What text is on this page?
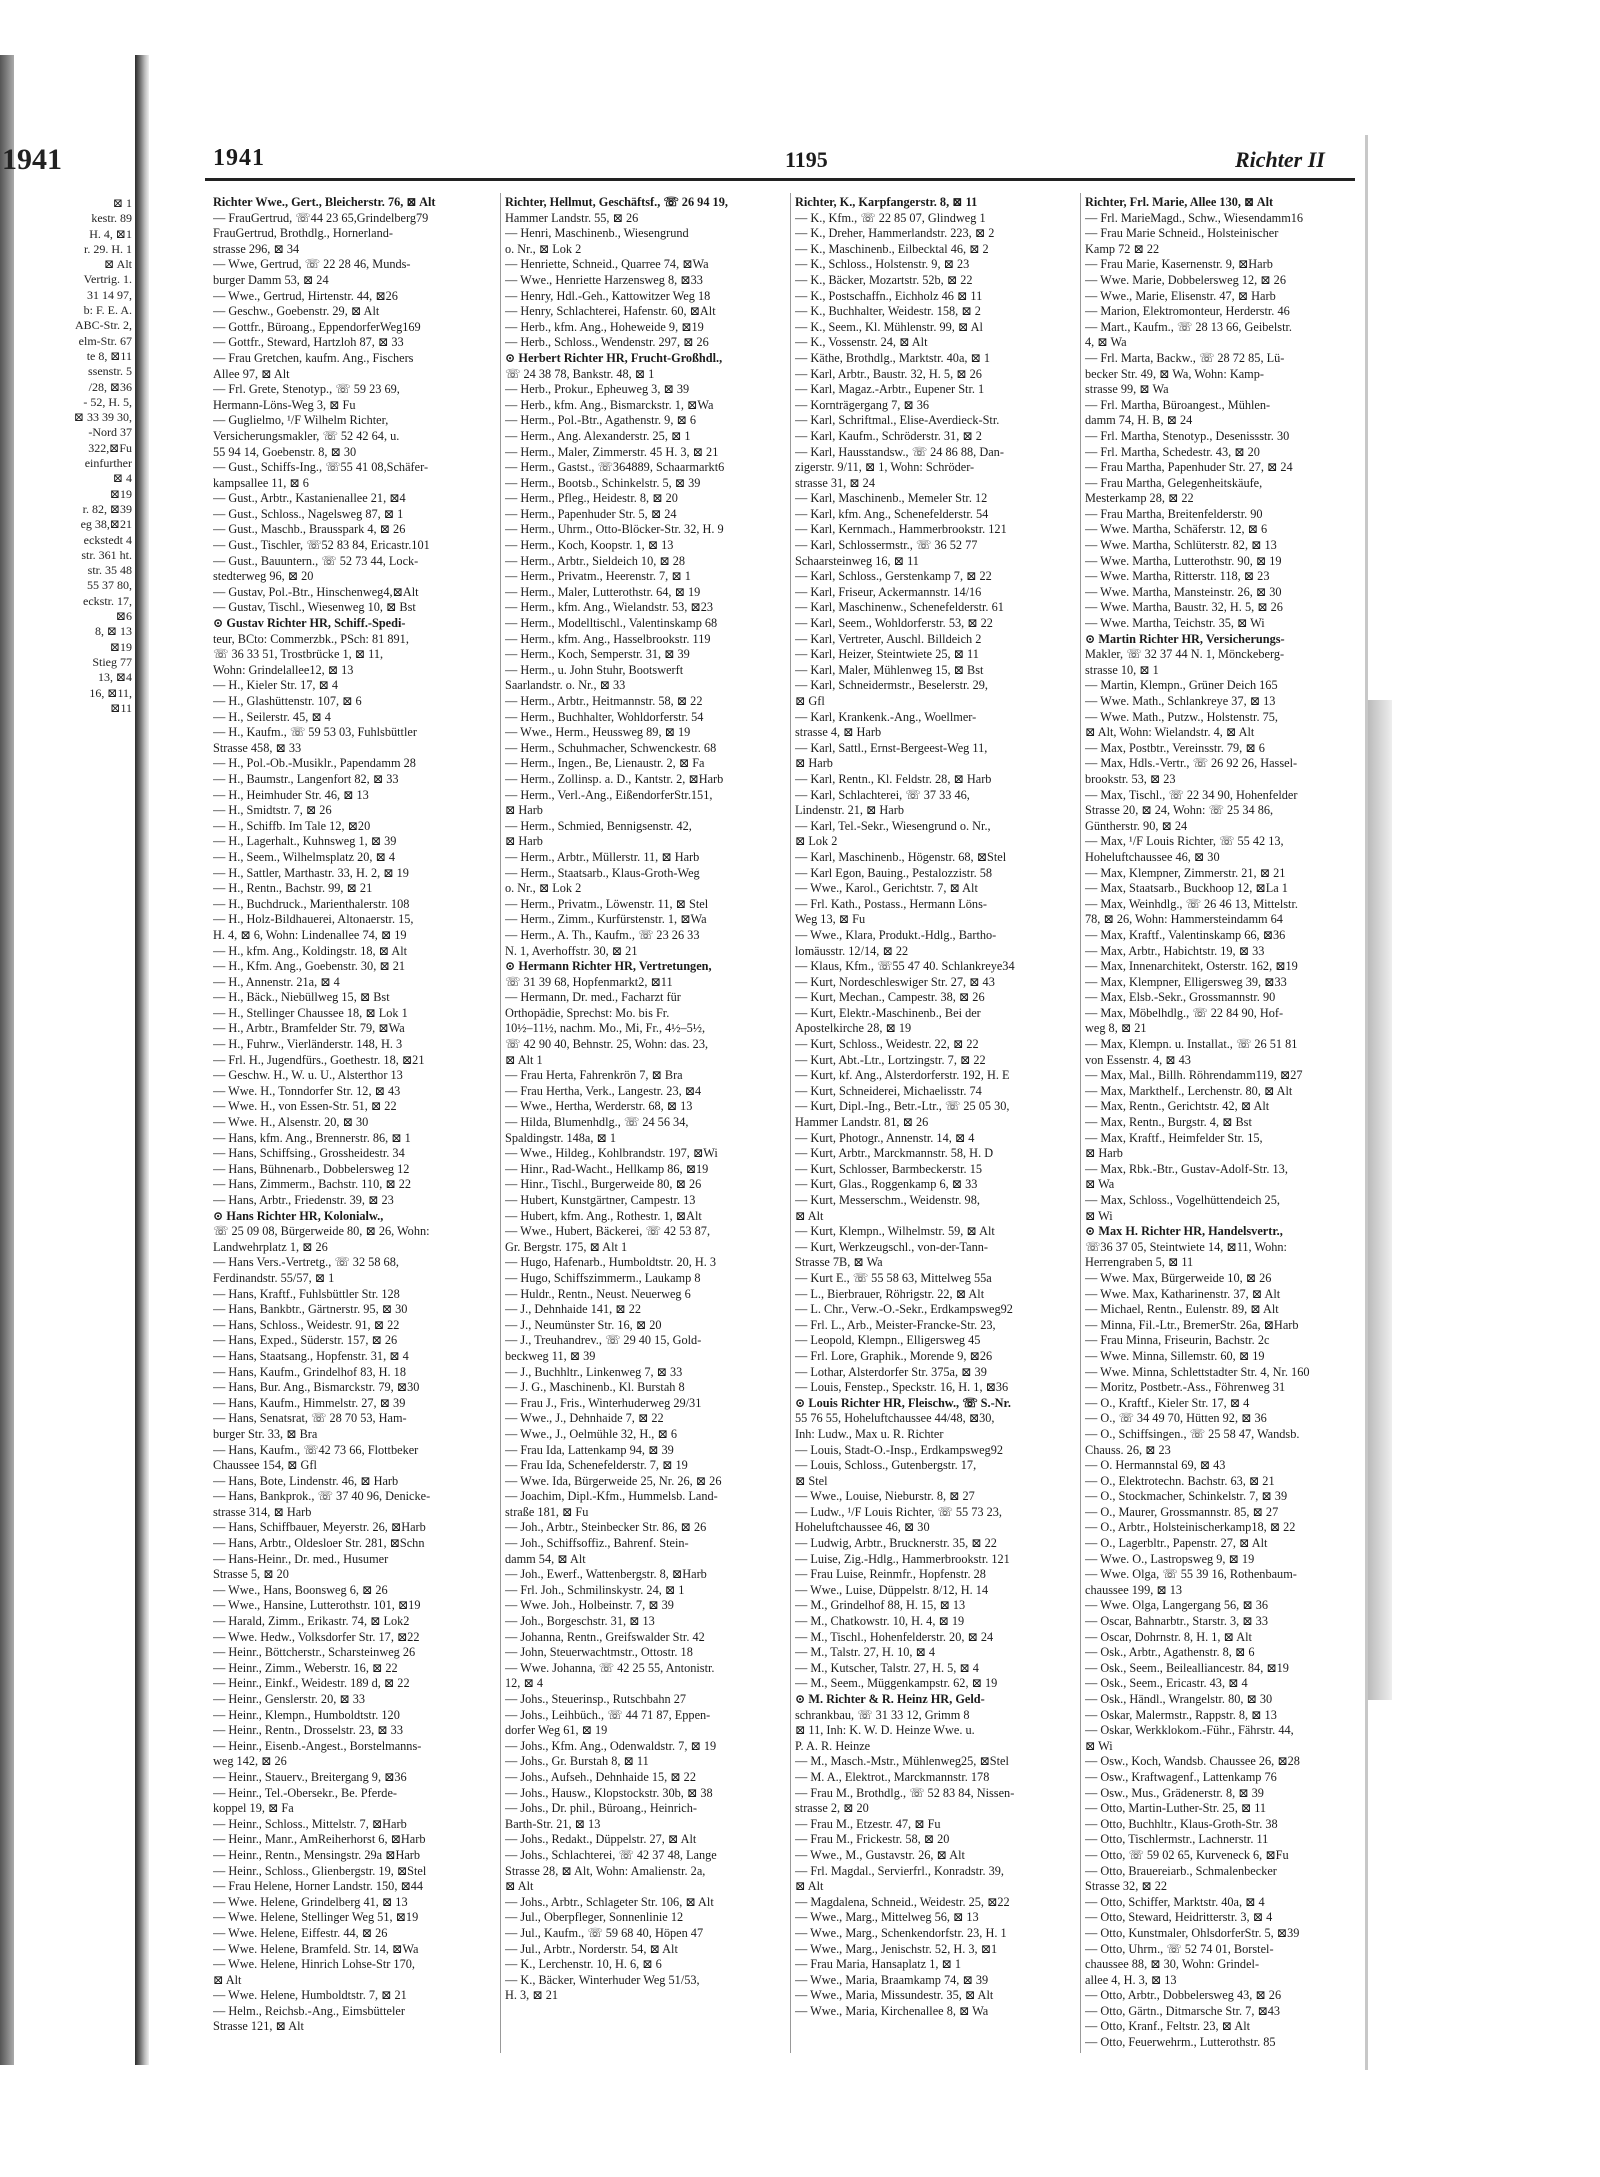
1941
⊠ 1
kestr. 89
H. 4, ⊠1
r. 29. H. 1
⊠ Alt
Vertrig. 1.
31 14 97,
b: F. E. A.
ABC-Str. 2,
elm-Str. 67
te 8, ⊠11
ssenstr. 5
/28, ⊠36
- 52, H. 5,
⊠ 33 39 30,
-Nord 37
322,⊠Fu
einfurther
⊠ 4
⊠19
r. 82, ⊠39
eg 38,⊠21
eckstedt 4
str. 361 ht.
str. 35 48
55 37 80,
eckstr. 17,
⊠6
8, ⊠ 13
⊠19
Stieg 77
13, ⊠4
16, ⊠11,
⊠11
1941	1195	Richter II
Richter Wwe., Gert., Bleicherstr. 76, ⊠ Alt
— FrauGertrud, ☏44 23 65,Grindelberg79
FrauGertrud, Brothdlg., Hornerland-
strasse 296, ⊠ 34
— Wwe, Gertrud, ☏ 22 28 46, Munds-
burger Damm 53, ⊠ 24
— Wwe., Gertrud, Hirtenstr. 44, ⊠26
— Geschw., Goebenstr. 29, ⊠ Alt
— Gottfr., Büroang., EppendorferWeg169
— Gottfr., Steward, Hartzloh 87, ⊠ 33
— Frau Gretchen, kaufm. Ang., Fischers
Allee 97, ⊠ Alt
— Frl. Grete, Stenotyp., ☏ 59 23 69,
Hermann-Löns-Weg 3, ⊠ Fu
— Guglielmo, ¹/F Wilhelm Richter,
Versicherungsmakler, ☏ 52 42 64, u.
55 94 14, Goebenstr. 8, ⊠ 30
— Gust., Schiffs-Ing., ☏55 41 08,Schäfer-
kampsallee 11, ⊠ 6
— Gust., Arbtr., Kastanienallee 21, ⊠4
— Gust., Schloss., Nagelsweg 87, ⊠ 1
— Gust., Maschb., Brausspark 4, ⊠ 26
— Gust., Tischler, ☏52 83 84, Ericastr.101
— Gust., Bauuntern., ☏ 52 73 44, Lock-
stedterweg 96, ⊠ 20
— Gustav, Pol.-Btr., Hinschenweg4,⊠Alt
— Gustav, Tischl., Wiesenweg 10, ⊠ Bst
⊙ Gustav Richter HR, Schiff.-Spedi-
teur, BCto: Commerzbk., PSch: 81 891,
☏ 36 33 51, Trostbrücke 1, ⊠ 11,
Wohn: Grindelallee12, ⊠ 13
— H., Kieler Str. 17, ⊠ 4
— H., Glashüttenstr. 107, ⊠ 6
— H., Seilerstr. 45, ⊠ 4
— H., Kaufm., ☏ 59 53 03, Fuhlsbüttler
Strasse 458, ⊠ 33
— H., Pol.-Ob.-Musiklr., Papendamm 28
— H., Baumstr., Langenfort 82, ⊠ 33
— H., Heimhuder Str. 46, ⊠ 13
— H., Smidtstr. 7, ⊠ 26
— H., Schiffb. Im Tale 12, ⊠20
— H., Lagerhalt., Kuhnsweg 1, ⊠ 39
— H., Seem., Wilhelmsplatz 20, ⊠ 4
— H., Sattler, Marthastr. 33, H. 2, ⊠ 19
— H., Rentn., Bachstr. 99, ⊠ 21
— H., Buchdruck., Marienthalerstr. 108
— H., Holz-Bildhauerei, Altonaerstr. 15,
H. 4, ⊠ 6, Wohn: Lindenallee 74, ⊠ 19
— H., kfm. Ang., Koldingstr. 18, ⊠ Alt
— H., Kfm. Ang., Goebenstr. 30, ⊠ 21
— H., Annenstr. 21a, ⊠ 4
— H., Bäck., Niebüllweg 15, ⊠ Bst
— H., Stellinger Chaussee 18, ⊠ Lok 1
— H., Arbtr., Bramfelder Str. 79, ⊠Wa
— H., Fuhrw., Vierländerstr. 148, H. 3
— Frl. H., Jugendfürs., Goethestr. 18, ⊠21
— Geschw. H., W. u. U., Alsterthor 13
— Wwe. H., Tonndorfer Str. 12, ⊠ 43
— Wwe. H., von Essen-Str. 51, ⊠ 22
— Wwe. H., Alsenstr. 20, ⊠ 30
— Hans, kfm. Ang., Brennerstr. 86, ⊠ 1
— Hans, Schiffsing., Grossheidestr. 34
— Hans, Bühnenarb., Dobbelersweg 12
— Hans, Zimmerm., Bachstr. 110, ⊠ 22
— Hans, Arbtr., Friedenstr. 39, ⊠ 23
⊙ Hans Richter HR, Kolonialw.,
☏ 25 09 08, Bürgerweide 80, ⊠ 26, Wohn:
Landwehrplatz 1, ⊠ 26
— Hans Vers.-Vertretg., ☏ 32 58 68,
Ferdinandstr. 55/57, ⊠ 1
— Hans, Kraftf., Fuhlsbüttler Str. 128
— Hans, Bankbtr., Gärtnerstr. 95, ⊠ 30
— Hans, Schloss., Weidestr. 91, ⊠ 22
— Hans, Exped., Süderstr. 157, ⊠ 26
— Hans, Staatsang., Hopfenstr. 31, ⊠ 4
— Hans, Kaufm., Grindelhof 83, H. 18
— Hans, Bur. Ang., Bismarckstr. 79, ⊠30
— Hans, Kaufm., Himmelstr. 27, ⊠ 39
— Hans, Senatsrat, ☏ 28 70 53, Ham-
burger Str. 33, ⊠ Bra
— Hans, Kaufm., ☏42 73 66, Flottbeker
Chaussee 154, ⊠ Gfl
— Hans, Bote, Lindenstr. 46, ⊠ Harb
— Hans, Bankprok., ☏ 37 40 96, Denicke-
strasse 314, ⊠ Harb
— Hans, Schiffbauer, Meyerstr. 26, ⊠Harb
— Hans, Arbtr., Oldesloer Str. 281, ⊠Schn
— Hans-Heinr., Dr. med., Husumer
Strasse 5, ⊠ 20
— Wwe., Hans, Boonsweg 6, ⊠ 26
— Wwe., Hansine, Lutterothstr. 101, ⊠19
— Harald, Zimm., Erikastr. 74, ⊠ Lok2
— Wwe. Hedw., Volksdorfer Str. 17, ⊠22
— Heinr., Böttcherstr., Scharsteinweg 26
— Heinr., Zimm., Weberstr. 16, ⊠ 22
— Heinr., Einkf., Weidestr. 189 d, ⊠ 22
— Heinr., Genslerstr. 20, ⊠ 33
— Heinr., Klempn., Humboldtstr. 120
— Heinr., Rentn., Drosselstr. 23, ⊠ 33
— Heinr., Eisenb.-Angest., Borstelmanns-
weg 142, ⊠ 26
— Heinr., Stauerv., Breitergang 9, ⊠36
— Heinr., Tel.-Obersekr., Be. Pferde-
koppel 19, ⊠ Fa
— Heinr., Schloss., Mittelstr. 7, ⊠Harb
— Heinr., Manr., AmReiherhorst 6, ⊠Harb
— Heinr., Rentn., Mensingstr. 29a ⊠Harb
— Heinr., Schloss., Glienbergstr. 19, ⊠Stel
— Frau Helene, Horner Landstr. 150, ⊠44
— Wwe. Helene, Grindelberg 41, ⊠ 13
— Wwe. Helene, Stellinger Weg 51, ⊠19
— Wwe. Helene, Eiffestr. 44, ⊠ 26
— Wwe. Helene, Bramfeld. Str. 14, ⊠Wa
— Wwe. Helene, Hinrich Lohse-Str 170,
⊠ Alt
— Wwe. Helene, Humboldtstr. 7, ⊠ 21
— Helm., Reichsb.-Ang., Eimsbütteler
Strasse 121, ⊠ Alt
Richter, Hellmut, Geschäftsf., ☏ 26 94 19,
Hammer Landstr. 55, ⊠ 26
— Henri, Maschinenb., Wiesengrund
o. Nr., ⊠ Lok 2
— Henriette, Schneid., Quarree 74, ⊠Wa
— Wwe., Henriette Harzensweg 8, ⊠33
— Henry, Hdl.-Geh., Kattowitzer Weg 18
— Henry, Schlachterei, Hafenstr. 60, ⊠Alt
— Herb., kfm. Ang., Hoheweide 9, ⊠19
— Herb., Schloss., Wendenstr. 297, ⊠ 26
⊙ Herbert Richter HR, Frucht-Großhdl.,
☏ 24 38 78, Bankstr. 48, ⊠ 1
— Herb., Prokur., Epheuweg 3, ⊠ 39
— Herb., kfm. Ang., Bismarckstr. 1, ⊠Wa
— Herm., Pol.-Btr., Agathenstr. 9, ⊠ 6
— Herm., Ang. Alexanderstr. 25, ⊠ 1
— Herm., Maler, Zimmerstr. 45 H. 3, ⊠ 21
— Herm., Gastst., ☏364889, Schaarmarkt6
— Herm., Bootsb., Schinkelstr. 5, ⊠ 39
— Herm., Pfleg., Heidestr. 8, ⊠ 20
— Herm., Papenhuder Str. 5, ⊠ 24
— Herm., Uhrm., Otto-Blöcker-Str. 32, H. 9
— Herm., Koch, Koopstr. 1, ⊠ 13
— Herm., Arbtr., Sieldeich 10, ⊠ 28
— Herm., Privatm., Heerenstr. 7, ⊠ 1
— Herm., Maler, Lutterothstr. 64, ⊠ 19
— Herm., kfm. Ang., Wielandstr. 53, ⊠23
— Herm., Modelltischl., Valentinskamp 68
— Herm., kfm. Ang., Hasselbrookstr. 119
— Herm., Koch, Semperstr. 31, ⊠ 39
— Herm., u. John Stuhr, Bootswerft
Saarlandstr. o. Nr., ⊠ 33
— Herm., Arbtr., Heitmannstr. 58, ⊠ 22
— Herm., Buchhalter, Wohldorferstr. 54
— Wwe., Herm., Heussweg 89, ⊠ 19
— Herm., Schuhmacher, Schwenckestr. 68
— Herm., Ingen., Be, Lienaustr. 2, ⊠ Fa
— Herm., Zollinsp. a. D., Kantstr. 2, ⊠Harb
— Herm., Verl.-Ang., EißendorferStr.151,
⊠ Harb
— Herm., Schmied, Bennigsenstr. 42,
⊠ Harb
— Herm., Arbtr., Müllerstr. 11, ⊠ Harb
— Herm., Staatsarb., Klaus-Groth-Weg
o. Nr., ⊠ Lok 2
— Herm., Privatm., Löwenstr. 11, ⊠ Stel
— Herm., Zimm., Kurfürstenstr. 1, ⊠Wa
— Herm., A. Th., Kaufm., ☏ 23 26 33
N. 1, Averhoffstr. 30, ⊠ 21
⊙ Hermann Richter HR, Vertretungen,
☏ 31 39 68, Hopfenmarkt2, ⊠11
— Hermann, Dr. med., Facharzt für
Orthopädie, Sprechst: Mo. bis Fr.
10½–11½, nachm. Mo., Mi, Fr., 4½–5½,
☏ 42 90 40, Behnstr. 25, Wohn: das. 23,
⊠ Alt 1
— Frau Herta, Fahrenkrön 7, ⊠ Bra
— Frau Hertha, Verk., Langestr. 23, ⊠4
— Wwe., Hertha, Werderstr. 68, ⊠ 13
— Hilda, Blumenhdlg., ☏ 24 56 34,
Spaldingstr. 148a, ⊠ 1
— Wwe., Hildeg., Kohlbrandstr. 197, ⊠Wi
— Hinr., Rad-Wacht., Hellkamp 86, ⊠19
— Hinr., Tischl., Burgerweide 80, ⊠ 26
— Hubert, Kunstgärtner, Campestr. 13
— Hubert, kfm. Ang., Rothestr. 1, ⊠Alt
— Wwe., Hubert, Bäckerei, ☏ 42 53 87,
Gr. Bergstr. 175, ⊠ Alt 1
— Hugo, Hafenarb., Humboldtstr. 20, H. 3
— Hugo, Schiffszimmerm., Laukamp 8
— Huldr., Rentn., Neust. Neuerweg 6
— J., Dehnhaide 141, ⊠ 22
— J., Neumünster Str. 16, ⊠ 20
— J., Treuhandrev., ☏ 29 40 15, Gold-
beckweg 11, ⊠ 39
— J., Buchhltr., Linkenweg 7, ⊠ 33
— J. G., Maschinenb., Kl. Burstah 8
— Frau J., Fris., Winterhuderweg 29/31
— Wwe., J., Dehnhaide 7, ⊠ 22
— Wwe., J., Oelmühle 32, H., ⊠ 6
— Frau Ida, Lattenkamp 94, ⊠ 39
— Frau Ida, Schenefelderstr. 7, ⊠ 19
— Wwe. Ida, Bürgerweide 25, Nr. 26, ⊠ 26
— Joachim, Dipl.-Kfm., Hummelsb. Land-
straße 181, ⊠ Fu
— Joh., Arbtr., Steinbecker Str. 86, ⊠ 26
— Joh., Schiffsoffiz., Bahrenf. Stein-
damm 54, ⊠ Alt
— Joh., Ewerf., Wattenbergstr. 8, ⊠Harb
— Frl. Joh., Schmilinskystr. 24, ⊠ 1
— Wwe. Joh., Holbeinstr. 7, ⊠ 39
— Joh., Borgeschstr. 31, ⊠ 13
— Johanna, Rentn., Greifswalder Str. 42
— John, Steuerwachtmstr., Ottostr. 18
— Wwe. Johanna, ☏ 42 25 55, Antonistr.
12, ⊠ 4
— Johs., Steuerinsp., Rutschbahn 27
— Johs., Leihbüch., ☏ 44 71 87, Eppen-
dorfer Weg 61, ⊠ 19
— Johs., Kfm. Ang., Odenwaldstr. 7, ⊠ 19
— Johs., Gr. Burstah 8, ⊠ 11
— Johs., Aufseh., Dehnhaide 15, ⊠ 22
— Johs., Hausw., Klopstockstr. 30b, ⊠ 38
— Johs., Dr. phil., Büroang., Heinrich-
Barth-Str. 21, ⊠ 13
— Johs., Redakt., Düppelstr. 27, ⊠ Alt
— Johs., Schlachterei, ☏ 42 37 48, Lange
Strasse 28, ⊠ Alt, Wohn: Amalienstr. 2a,
⊠ Alt
— Johs., Arbtr., Schlageter Str. 106, ⊠ Alt
— Jul., Oberpfleger, Sonnenlinie 12
— Jul., Kaufm., ☏ 59 68 40, Höpen 47
— Jul., Arbtr., Norderstr. 54, ⊠ Alt
— K., Lerchenstr. 10, H. 6, ⊠ 6
— K., Bäcker, Winterhuder Weg 51/53,
H. 3, ⊠ 21
Richter, K., Karpfangerstr. 8, ⊠ 11
— K., Kfm., ☏ 22 85 07, Glindweg 1
— K., Dreher, Hammerlandstr. 223, ⊠ 2
— K., Maschinenb., Eilbecktal 46, ⊠ 2
— K., Schloss., Holstenstr. 9, ⊠ 23
— K., Bäcker, Mozartstr. 52b, ⊠ 22
— K., Postschaffn., Eichholz 46 ⊠ 11
— K., Buchhalter, Weidestr. 158, ⊠ 2
— K., Seem., Kl. Mühlenstr. 99, ⊠ Al
— K., Vossenstr. 24, ⊠ Alt
— Käthe, Brothdlg., Marktstr. 40a, ⊠ 1
— Karl, Arbtr., Baustr. 32, H. 5, ⊠ 26
— Karl, Magaz.-Arbtr., Eupener Str. 1
— Kornträgergang 7, ⊠ 36
— Karl, Schriftmal., Elise-Averdieck-Str.
— Karl, Kaufm., Schröderstr. 31, ⊠ 2
— Karl, Hausstandsw., ☏ 24 86 88, Dan-
zigerstr. 9/11, ⊠ 1, Wohn: Schröder-
strasse 31, ⊠ 24
— Karl, Maschinenb., Memeler Str. 12
— Karl, kfm. Ang., Schenefelderstr. 54
— Karl, Kernmach., Hammerbrookstr. 121
— Karl, Schlossermstr., ☏ 36 52 77
Schaarsteinweg 16, ⊠ 11
— Karl, Schloss., Gerstenkamp 7, ⊠ 22
— Karl, Friseur, Ackermannstr. 14/16
— Karl, Maschinenw., Schenefelderstr. 61
— Karl, Seem., Wohldorferstr. 53, ⊠ 22
— Karl, Vertreter, Auschl. Billdeich 2
— Karl, Heizer, Steintwiete 25, ⊠ 11
— Karl, Maler, Mühlenweg 15, ⊠ Bst
— Karl, Schneidermstr., Beselerstr. 29,
⊠ Gfl
— Karl, Krankenk.-Ang., Woellmer-
strasse 4, ⊠ Harb
— Karl, Sattl., Ernst-Bergeest-Weg 11,
⊠ Harb
— Karl, Rentn., Kl. Feldstr. 28, ⊠ Harb
— Karl, Schlachterei, ☏ 37 33 46,
Lindenstr. 21, ⊠ Harb
— Karl, Tel.-Sekr., Wiesengrund o. Nr.,
⊠ Lok 2
— Karl, Maschinenb., Högenstr. 68, ⊠Stel
— Karl Egon, Bauing., Pestalozzistr. 58
— Wwe., Karol., Gerichtstr. 7, ⊠ Alt
— Frl. Kath., Postass., Hermann Löns-
Weg 13, ⊠ Fu
— Wwe., Klara, Produkt.-Hdlg., Bartho-
lomäusstr. 12/14, ⊠ 22
— Klaus, Kfm., ☏55 47 40. Schlankreye34
— Kurt, Nordeschleswiger Str. 27, ⊠ 43
— Kurt, Mechan., Campestr. 38, ⊠ 26
— Kurt, Elektr.-Maschinenb., Bei der
Apostelkirche 28, ⊠ 19
— Kurt, Schloss., Weidestr. 22, ⊠ 22
— Kurt, Abt.-Ltr., Lortzingstr. 7, ⊠ 22
— Kurt, kf. Ang., Alsterdorferstr. 192, H. E
— Kurt, Schneiderei, Michaelisstr. 74
— Kurt, Dipl.-Ing., Betr.-Ltr., ☏ 25 05 30,
Hammer Landstr. 81, ⊠ 26
— Kurt, Photogr., Annenstr. 14, ⊠ 4
— Kurt, Arbtr., Marckmannstr. 58, H. D
— Kurt, Schlosser, Barmbeckerstr. 15
— Kurt, Glas., Roggenkamp 6, ⊠ 33
— Kurt, Messerschm., Weidenstr. 98,
⊠ Alt
— Kurt, Klempn., Wilhelmstr. 59, ⊠ Alt
— Kurt, Werkzeugschl., von-der-Tann-
Strasse 7B, ⊠ Wa
— Kurt E., ☏ 55 58 63, Mittelweg 55a
— L., Bierbrauer, Röhrigstr. 22, ⊠ Alt
— L. Chr., Verw.-O.-Sekr., Erdkampsweg92
— Frl. L., Arb., Meister-Francke-Str. 23,
— Leopold, Klempn., Elligersweg 45
— Frl. Lore, Graphik., Morende 9, ⊠26
— Lothar, Alsterdorfer Str. 375a, ⊠ 39
— Louis, Fenstep., Speckstr. 16, H. 1, ⊠36
⊙ Louis Richter HR, Fleischw., ☏ S.-Nr.
55 76 55, Hoheluftchaussee 44/48, ⊠30,
Inh: Ludw., Max u. R. Richter
— Louis, Stadt-O.-Insp., Erdkampsweg92
— Louis, Schloss., Gutenbergstr. 17,
⊠ Stel
— Wwe., Louise, Nieburstr. 8, ⊠ 27
— Ludw., ¹/F Louis Richter, ☏ 55 73 23,
Hoheluftchaussee 46, ⊠ 30
— Ludwig, Arbtr., Brucknerstr. 35, ⊠ 22
— Luise, Zig.-Hdlg., Hammerbrookstr. 121
— Frau Luise, Reinmfr., Hopfenstr. 28
— Wwe., Luise, Düppelstr. 8/12, H. 14
— M., Grindelhof 88, H. 15, ⊠ 13
— M., Chatkowstr. 10, H. 4, ⊠ 19
— M., Tischl., Hohenfelderstr. 20, ⊠ 24
— M., Talstr. 27, H. 10, ⊠ 4
— M., Kutscher, Talstr. 27, H. 5, ⊠ 4
— M., Seem., Müggenkampstr. 62, ⊠ 19
⊙ M. Richter & R. Heinz HR, Geld-
schrankbau, ☏ 31 33 12, Grimm 8
⊠ 11, Inh: K. W. D. Heinze Wwe. u.
P. A. R. Heinze
— M., Masch.-Mstr., Mühlenweg25, ⊠Stel
— M. A., Elektrot., Marckmannstr. 178
— Frau M., Brothdlg., ☏ 52 83 84, Nissen-
strasse 2, ⊠ 20
— Frau M., Etzestr. 47, ⊠ Fu
— Frau M., Frickestr. 58, ⊠ 20
— Wwe., M., Gustavstr. 26, ⊠ Alt
— Frl. Magdal., Servierfrl., Konradstr. 39,
⊠ Alt
— Magdalena, Schneid., Weidestr. 25, ⊠22
— Wwe., Marg., Mittelweg 56, ⊠ 13
— Wwe., Marg., Schenkendorfstr. 23, H. 1
— Wwe., Marg., Jenischstr. 52, H. 3, ⊠1
— Frau Maria, Hansaplatz 1, ⊠ 1
— Wwe., Maria, Braamkamp 74, ⊠ 39
— Wwe., Maria, Missundestr. 35, ⊠ Alt
— Wwe., Maria, Kirchenallee 8, ⊠ Wa
Richter, Frl. Marie, Allee 130, ⊠ Alt
— Frl. MarieMagd., Schw., Wiesendamm16
— Frau Marie Schneid., Holsteinischer
Kamp 72 ⊠ 22
— Frau Marie, Kasernenstr. 9, ⊠Harb
— Wwe. Marie, Dobbelersweg 12, ⊠ 26
— Wwe., Marie, Elisenstr. 47, ⊠ Harb
— Marion, Elektromonteur, Herderstr. 46
— Mart., Kaufm., ☏ 28 13 66, Geibelstr.
4, ⊠ Wa
— Frl. Marta, Backw., ☏ 28 72 85, Lü-
becker Str. 49, ⊠ Wa, Wohn: Kamp-
strasse 99, ⊠ Wa
— Frl. Martha, Büroangest., Mühlen-
damm 74, H. B, ⊠ 24
— Frl. Martha, Stenotyp., Desenissstr. 30
— Frl. Martha, Schedestr. 43, ⊠ 20
— Frau Martha, Papenhuder Str. 27, ⊠ 24
— Frau Martha, Gelegenheitskäufe,
Mesterkamp 28, ⊠ 22
— Frau Martha, Breitenfelderstr. 90
— Wwe. Martha, Schäferstr. 12, ⊠ 6
— Wwe. Martha, Schlüterstr. 82, ⊠ 13
— Wwe. Martha, Lutterothstr. 90, ⊠ 19
— Wwe. Martha, Ritterstr. 118, ⊠ 23
— Wwe. Martha, Mansteinstr. 26, ⊠ 30
— Wwe. Martha, Baustr. 32, H. 5, ⊠ 26
— Wwe. Martha, Teichstr. 35, ⊠ Wi
⊙ Martin Richter HR, Versicherungs-
Makler, ☏ 32 37 44 N. 1, Mönckeberg-
strasse 10, ⊠ 1
— Martin, Klempn., Grüner Deich 165
— Wwe. Math., Schlankreye 37, ⊠ 13
— Wwe. Math., Putzw., Holstenstr. 75,
⊠ Alt, Wohn: Wielandstr. 4, ⊠ Alt
— Max, Postbtr., Vereinsstr. 79, ⊠ 6
— Max, Hdls.-Vertr., ☏ 26 92 26, Hassel-
brookstr. 53, ⊠ 23
— Max, Tischl., ☏ 22 34 90, Hohenfelder
Strasse 20, ⊠ 24, Wohn: ☏ 25 34 86,
Güntherstr. 90, ⊠ 24
— Max, ¹/F Louis Richter, ☏ 55 42 13,
Hoheluftchaussee 46, ⊠ 30
— Max, Klempner, Zimmerstr. 21, ⊠ 21
— Max, Staatsarb., Buckhoop 12, ⊠La 1
— Max, Weinhdlg., ☏ 26 46 13, Mittelstr.
78, ⊠ 26, Wohn: Hammersteindamm 64
— Max, Kraftf., Valentinskamp 66, ⊠36
— Max, Arbtr., Habichtstr. 19, ⊠ 33
— Max, Innenarchitekt, Osterstr. 162, ⊠19
— Max, Klempner, Elligersweg 39, ⊠33
— Max, Elsb.-Sekr., Grossmannstr. 90
— Max, Möbelhdlg., ☏ 22 84 90, Hof-
weg 8, ⊠ 21
— Max, Klempn. u. Installat., ☏ 26 51 81
von Essenstr. 4, ⊠ 43
— Max, Mal., Billh. Röhrendamm119, ⊠27
— Max, Markthelf., Lerchenstr. 80, ⊠ Alt
— Max, Rentn., Gerichtstr. 42, ⊠ Alt
— Max, Rentn., Burgstr. 4, ⊠ Bst
— Max, Kraftf., Heimfelder Str. 15,
⊠ Harb
— Max, Rbk.-Btr., Gustav-Adolf-Str. 13,
⊠ Wa
— Max, Schloss., Vogelhüttendeich 25,
⊠ Wi
⊙ Max H. Richter HR, Handelsvertr.,
☏36 37 05, Steintwiete 14, ⊠11, Wohn:
Herrengraben 5, ⊠ 11
— Wwe. Max, Bürgerweide 10, ⊠ 26
— Wwe. Max, Katharinenstr. 37, ⊠ Alt
— Michael, Rentn., Eulenstr. 89, ⊠ Alt
— Minna, Fil.-Ltr., BremerStr. 26a, ⊠Harb
— Frau Minna, Friseurin, Bachstr. 2c
— Wwe. Minna, Sillemstr. 60, ⊠ 19
— Wwe. Minna, Schlettstadter Str. 4, Nr. 160
— Moritz, Postbetr.-Ass., Föhrenweg 31
— O., Kraftf., Kieler Str. 17, ⊠ 4
— O., ☏ 34 49 70, Hütten 92, ⊠ 36
— O., Schiffsingen., ☏ 25 58 47, Wandsb.
Chauss. 26, ⊠ 23
— O. Hermannstal 69, ⊠ 43
— O., Elektrotechn. Bachstr. 63, ⊠ 21
— O., Stockmacher, Schinkelstr. 7, ⊠ 39
— O., Maurer, Grossmannstr. 85, ⊠ 27
— O., Arbtr., Holsteinischerkamp18, ⊠ 22
— O., Lagerbltr., Papenstr. 27, ⊠ Alt
— Wwe. O., Lastropsweg 9, ⊠ 19
— Wwe. Olga, ☏ 55 39 16, Rothenbaum-
chaussee 199, ⊠ 13
— Wwe. Olga, Langergang 56, ⊠ 36
— Oscar, Bahnarbtr., Starstr. 3, ⊠ 33
— Oscar, Dohrnstr. 8, H. 1, ⊠ Alt
— Osk., Arbtr., Agathenstr. 8, ⊠ 6
— Osk., Seem., Beilealliancestr. 84, ⊠19
— Osk., Seem., Ericastr. 43, ⊠ 4
— Osk., Händl., Wrangelstr. 80, ⊠ 30
— Oskar, Malermstr., Rappstr. 8, ⊠ 13
— Oskar, Werkklokom.-Führ., Fährstr. 44,
⊠ Wi
— Osw., Koch, Wandsb. Chaussee 26, ⊠28
— Osw., Kraftwagenf., Lattenkamp 76
— Osw., Mus., Grädenerstr. 8, ⊠ 39
— Otto, Martin-Luther-Str. 25, ⊠ 11
— Otto, Buchhltr., Klaus-Groth-Str. 38
— Otto, Tischlermstr., Lachnerstr. 11
— Otto, ☏ 59 02 65, Kurveneck 6, ⊠Fu
— Otto, Brauereiarb., Schmalenbecker
Strasse 32, ⊠ 22
— Otto, Schiffer, Marktstr. 40a, ⊠ 4
— Otto, Steward, Heidritterstr. 3, ⊠ 4
— Otto, Kunstmaler, OhlsdorferStr. 5, ⊠39
— Otto, Uhrm., ☏ 52 74 01, Borstel-
chaussee 88, ⊠ 30, Wohn: Grindel-
allee 4, H. 3, ⊠ 13
— Otto, Arbtr., Dobbelersweg 43, ⊠ 26
— Otto, Gärtn., Ditmarsche Str. 7, ⊠43
— Otto, Kranf., Feltstr. 23, ⊠ Alt
— Otto, Feuerwehrm., Lutterothstr. 85
